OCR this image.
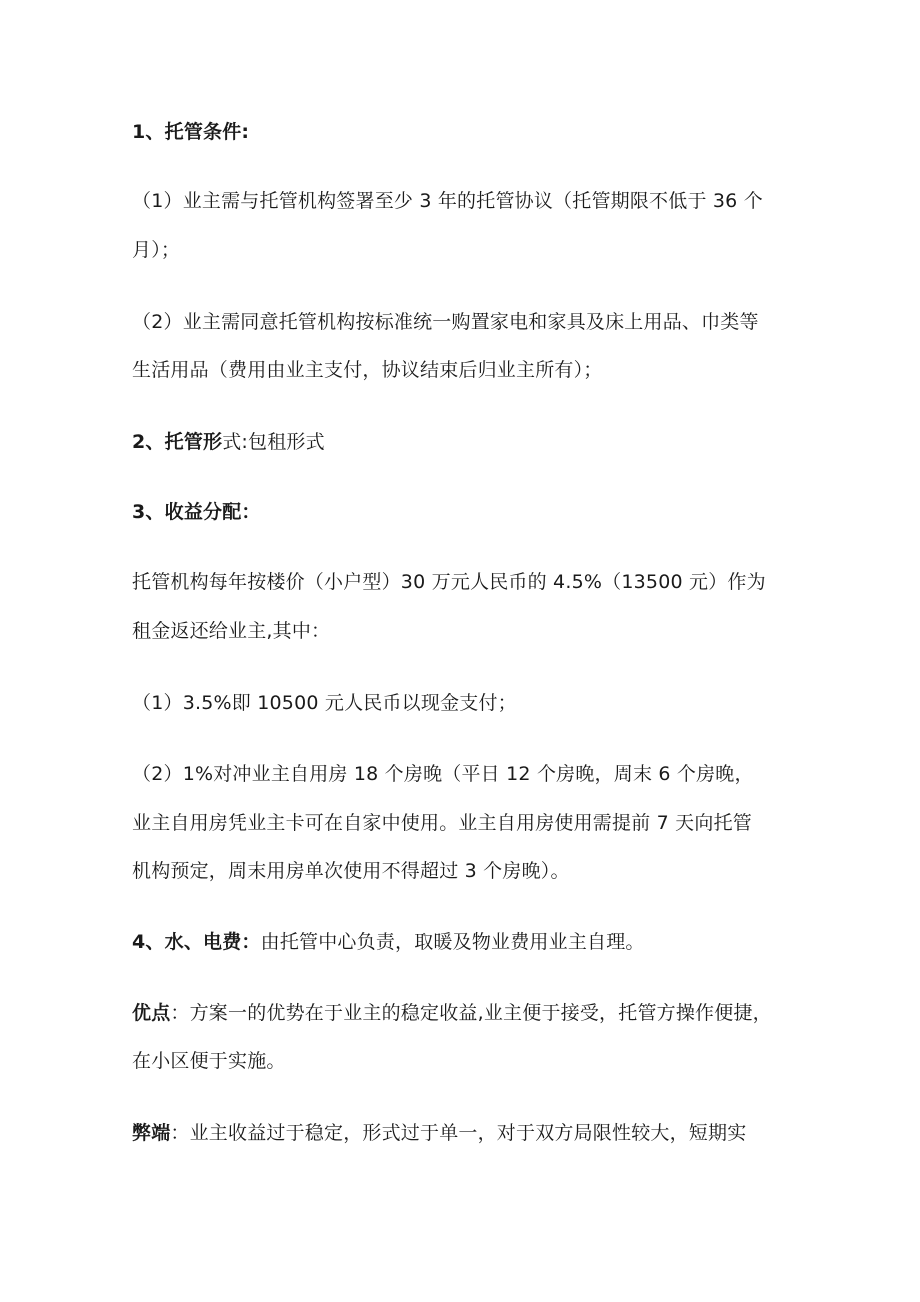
1、托管条件:
（1）业主需与托管机构签署至少 3 年的托管协议（托管期限不低于 36 个
月）；
（2）业主需同意托管机构按标准统一购置家电和家具及床上用品、巾类等
生活用品（费用由业主支付，协议结束后归业主所有）；
2、托管形式:包租形式
3、收益分配：
托管机构每年按楼价（小户型）30 万元人民币的 4.5%（13500 元）作为
租金返还给业主,其中：
（1）3.5%即 10500 元人民币以现金支付；
（2）1%对冲业主自用房 18 个房晚（平日 12 个房晚，周末 6 个房晚，
业主自用房凭业主卡可在自家中使用。业主自用房使用需提前 7 天向托管
机构预定，周末用房单次使用不得超过 3 个房晚）。
4、水、电费：由托管中心负责，取暖及物业费用业主自理。
优点：方案一的优势在于业主的稳定收益,业主便于接受，托管方操作便捷，
在小区便于实施。
弊端：业主收益过于稳定，形式过于单一，对于双方局限性较大，短期实
